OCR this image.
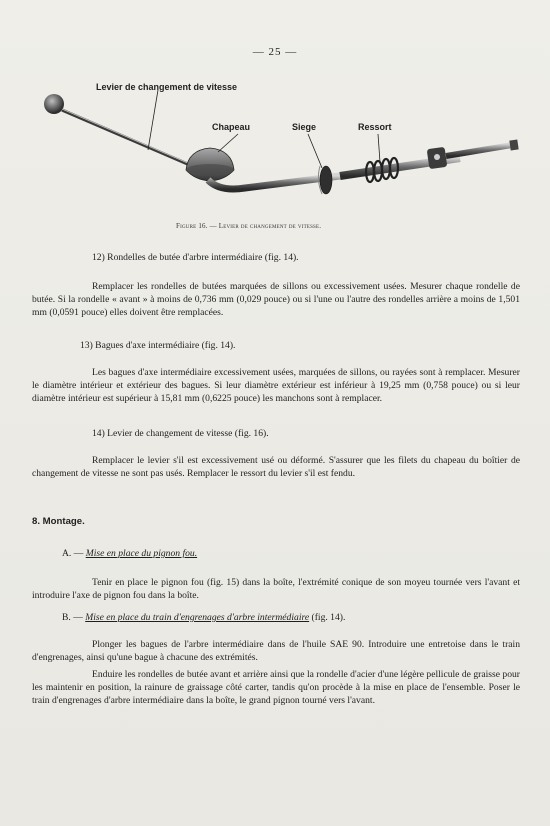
— 25 —
Levier de changement de vitesse
Chapeau	Siege	Ressort
Figure 16. — Levier de changement de vitesse.
12) Rondelles de butée d'arbre intermédiaire (fig. 14).
Remplacer les rondelles de butées marquées de sillons ou excessivement usées. Mesurer chaque rondelle de butée. Si la rondelle « avant » à moins de 0,736 mm (0,029 pouce) ou si l'une ou l'autre des rondelles arrière a moins de 1,501 mm (0,0591 pouce) elles doivent être remplacées.
13) Bagues d'axe intermédiaire (fig. 14).
Les bagues d'axe intermédiaire excessivement usées, marquées de sillons, ou rayées sont à remplacer. Mesurer le diamètre intérieur et extérieur des bagues. Si leur diamètre extérieur est inférieur à 19,25 mm (0,758 pouce) ou si leur diamètre intérieur est supérieur à 15,81 mm (0,6225 pouce) les manchons sont à remplacer.
14) Levier de changement de vitesse (fig. 16).
Remplacer le levier s'il est excessivement usé ou déformé. S'assurer que les filets du chapeau du boîtier de changement de vitesse ne sont pas usés. Remplacer le ressort du levier s'il est fendu.
8. Montage.
A. — Mise en place du pignon fou.
Tenir en place le pignon fou (fig. 15) dans la boîte, l'extrémité conique de son moyeu tournée vers l'avant et introduire l'axe de pignon fou dans la boîte.
B. — Mise en place du train d'engrenages d'arbre intermédiaire (fig. 14).
Plonger les bagues de l'arbre intermédiaire dans de l'huile SAE 90. Introduire une entretoise dans le train d'engrenages, ainsi qu'une bague à chacune des extrémités.
Enduire les rondelles de butée avant et arrière ainsi que la rondelle d'acier d'une légère pellicule de graisse pour les maintenir en position, la rainure de graissage côté carter, tandis qu'on procède à la mise en place de l'ensemble. Poser le train d'engrenages d'arbre intermédiaire dans la boîte, le grand pignon tourné vers l'avant.
